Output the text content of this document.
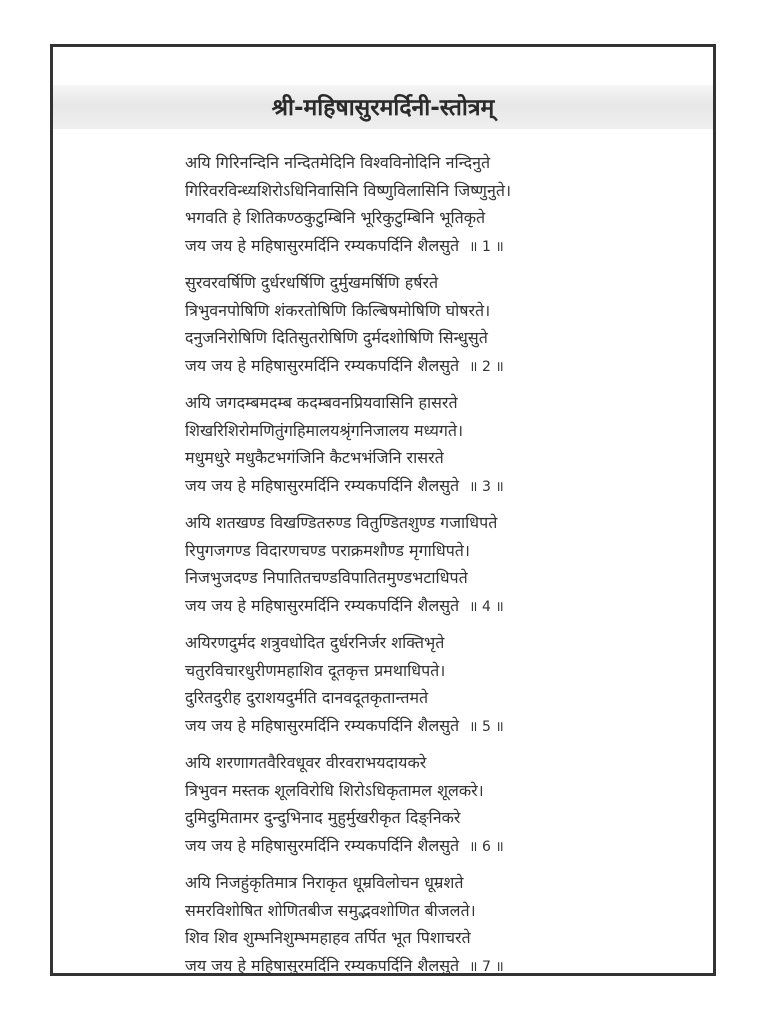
श्री-महिषासुरमर्दिनी-स्तोत्रम्
अयि गिरिनन्दिनि नन्दितमेदिनि विश्वविनोदिनि नन्दिनुते
गिरिवरविन्ध्यशिरोऽधिनिवासिनि विष्णुविलासिनि जिष्णुनुते।
भगवति हे शितिकण्ठकुटुम्बिनि भूरिकुटुम्बिनि भूतिकृते
जय जय हे महिषासुरमर्दिनि रम्यकपर्दिनि शैलसुते ॥ 1 ॥
सुरवरवर्षिणि दुर्धरधर्षिणि दुर्मुखमर्षिणि हर्षरते
त्रिभुवनपोषिणि शंकरतोषिणि किल्बिषमोषिणि घोषरते।
दनुजनिरोषिणि दितिसुतरोषिणि दुर्मदशोषिणि सिन्धुसुते
जय जय हे महिषासुरमर्दिनि रम्यकपर्दिनि शैलसुते ॥ 2 ॥
अयि जगदम्बमदम्ब कदम्बवनप्रियवासिनि हासरते
शिखरिशिरोमणितुंगहिमालयश्रृंगनिजालय मध्यगते।
मधुमधुरे मधुकैटभगंजिनि कैटभभंजिनि रासरते
जय जय हे महिषासुरमर्दिनि रम्यकपर्दिनि शैलसुते ॥ 3 ॥
अयि शतखण्ड विखण्डितरुण्ड वितुण्डितशुण्ड गजाधिपते
रिपुगजगण्ड विदारणचण्ड पराक्रमशौण्ड मृगाधिपते।
निजभुजदण्ड निपातितचण्डविपातितमुण्डभटाधिपते
जय जय हे महिषासुरमर्दिनि रम्यकपर्दिनि शैलसुते ॥ 4 ॥
अयिरणदुर्मद शत्रुवधोदित दुर्धरनिर्जर शक्तिभृते
चतुरविचारधुरीणमहाशिव दूतकृत्त प्रमथाधिपते।
दुरितदुरीह दुराशयदुर्मति दानवदूतकृतान्तमते
जय जय हे महिषासुरमर्दिनि रम्यकपर्दिनि शैलसुते ॥ 5 ॥
अयि शरणागतवैरिवधूवर वीरवराभयदायकरे
त्रिभुवन मस्तक शूलविरोधि शिरोऽधिकृतामल शूलकरे।
दुमिदुमितामर दुन्दुभिनाद मुहुर्मुखरीकृत दिङ्निकरे
जय जय हे महिषासुरमर्दिनि रम्यकपर्दिनि शैलसुते ॥ 6 ॥
अयि निजहुंकृतिमात्र निराकृत धूम्रविलोचन धूम्रशते
समरविशोषित शोणितबीज समुद्भवशोणित बीजलते।
शिव शिव शुम्भनिशुम्भमहाहव तर्पित भूत पिशाचरते
जय जय हे महिषासुरमर्दिनि रम्यकपर्दिनि शैलसुते ॥ 7 ॥
